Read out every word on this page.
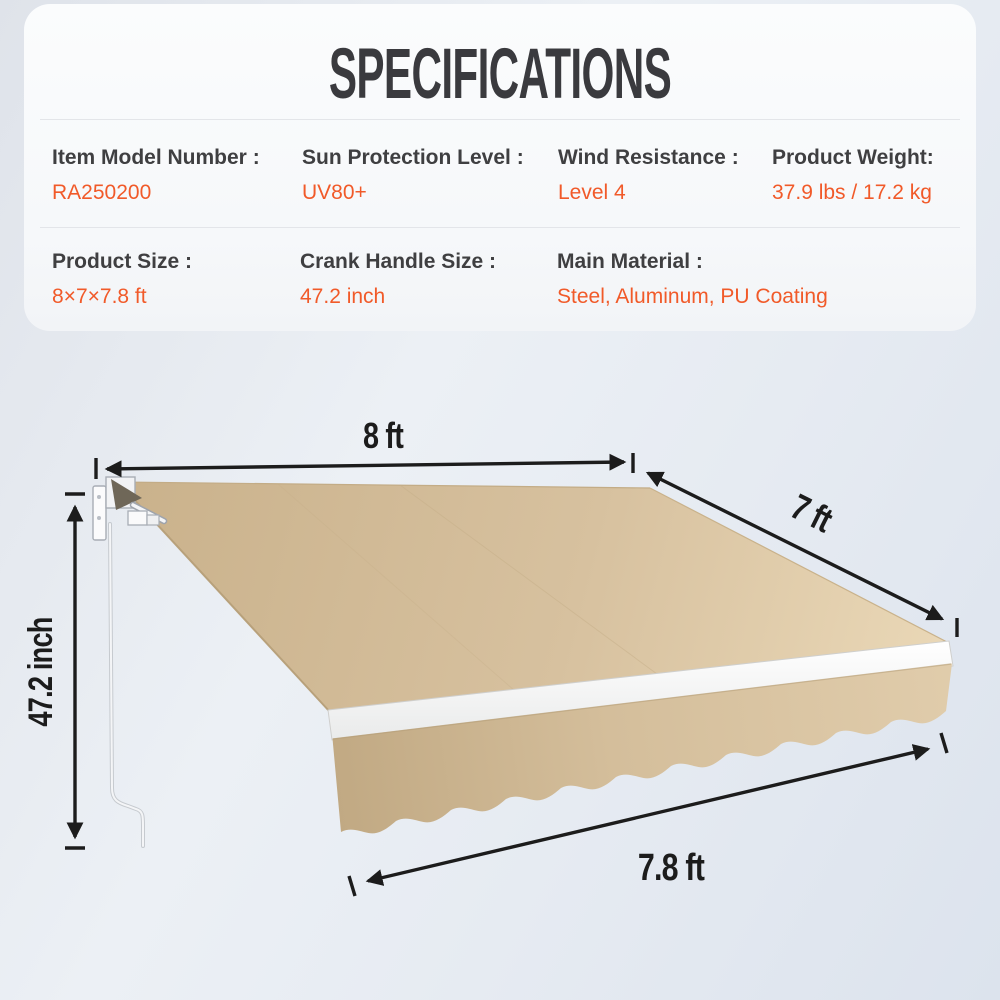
SPECIFICATIONS
Item Model Number :
RA250200
Sun Protection Level :
UV80+
Wind Resistance :
Level 4
Product Weight:
37.9 lbs / 17.2 kg
Product Size :
8×7×7.8 ft
Crank Handle Size :
47.2 inch
Main Material :
Steel, Aluminum, PU Coating
8 ft
7 ft
47.2 inch
7.8 ft
